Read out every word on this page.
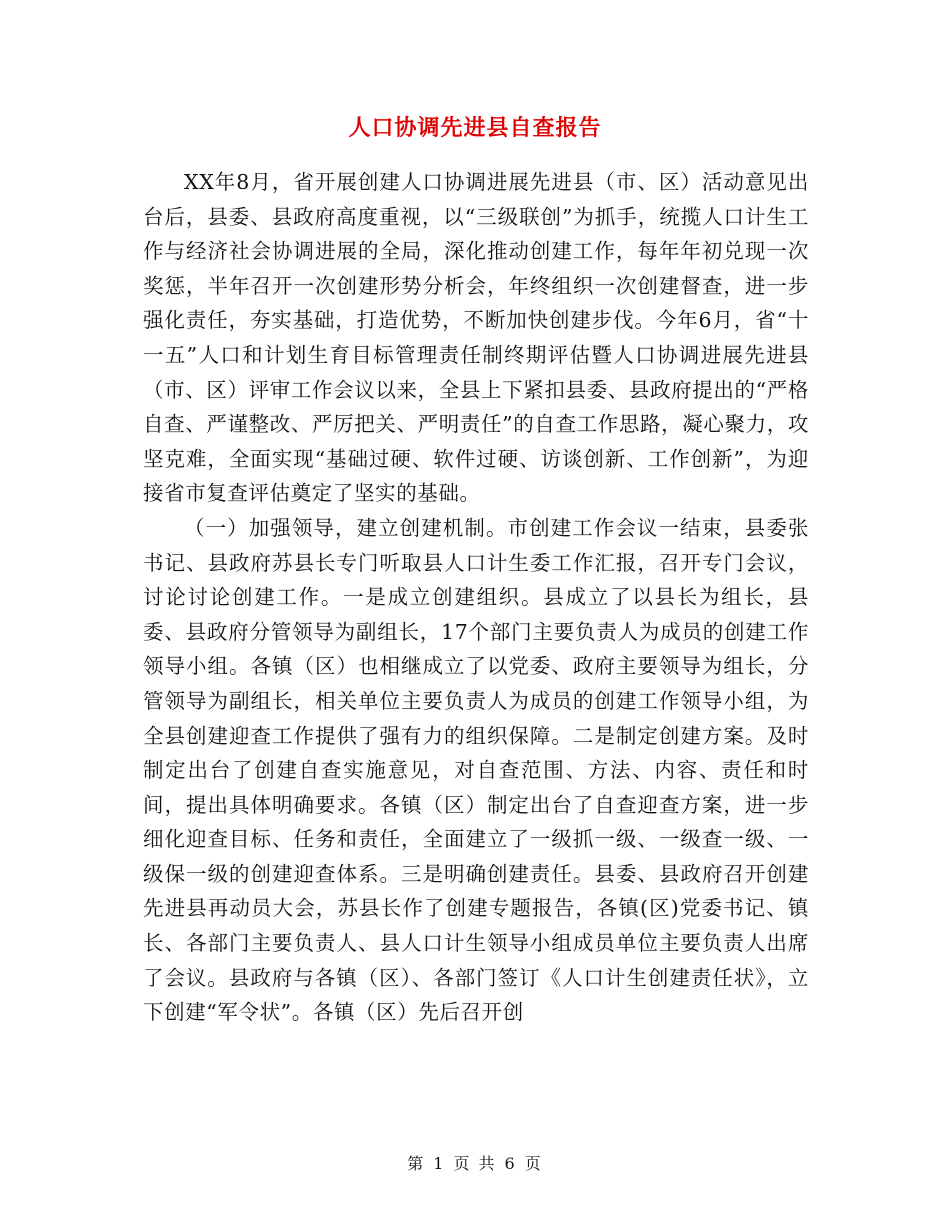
人口协调先进县自查报告

XX年8月，省开展创建人口协调进展先进县（市、区）活动意见出台后，县委、县政府高度重视，以“三级联创”为抓手，统揽人口计生工作与经济社会协调进展的全局，深化推动创建工作，每年年初兑现一次奖惩，半年召开一次创建形势分析会，年终组织一次创建督查，进一步强化责任，夯实基础，打造优势，不断加快创建步伐。今年6月，省“十一五”人口和计划生育目标管理责任制终期评估暨人口协调进展先进县（市、区）评审工作会议以来，全县上下紧扣县委、县政府提出的“严格自查、严谨整改、严厉把关、严明责任”的自查工作思路，凝心聚力，攻坚克难，全面实现“基础过硬、软件过硬、访谈创新、工作创新”，为迎接省市复查评估奠定了坚实的基础。

（一）加强领导，建立创建机制。市创建工作会议一结束，县委张书记、县政府苏县长专门听取县人口计生委工作汇报，召开专门会议，讨论讨论创建工作。一是成立创建组织。县成立了以县长为组长，县委、县政府分管领导为副组长，17个部门主要负责人为成员的创建工作领导小组。各镇（区）也相继成立了以党委、政府主要领导为组长，分管领导为副组长，相关单位主要负责人为成员的创建工作领导小组，为全县创建迎查工作提供了强有力的组织保障。二是制定创建方案。及时制定出台了创建自查实施意见，对自查范围、方法、内容、责任和时间，提出具体明确要求。各镇（区）制定出台了自查迎查方案，进一步细化迎查目标、任务和责任，全面建立了一级抓一级、一级查一级、一级保一级的创建迎查体系。三是明确创建责任。县委、县政府召开创建先进县再动员大会，苏县长作了创建专题报告，各镇(区)党委书记、镇长、各部门主要负责人、县人口计生领导小组成员单位主要负责人出席了会议。县政府与各镇（区）、各部门签订《人口计生创建责任状》，立下创建“军令状”。各镇（区）先后召开创

第 1 页 共 6 页
